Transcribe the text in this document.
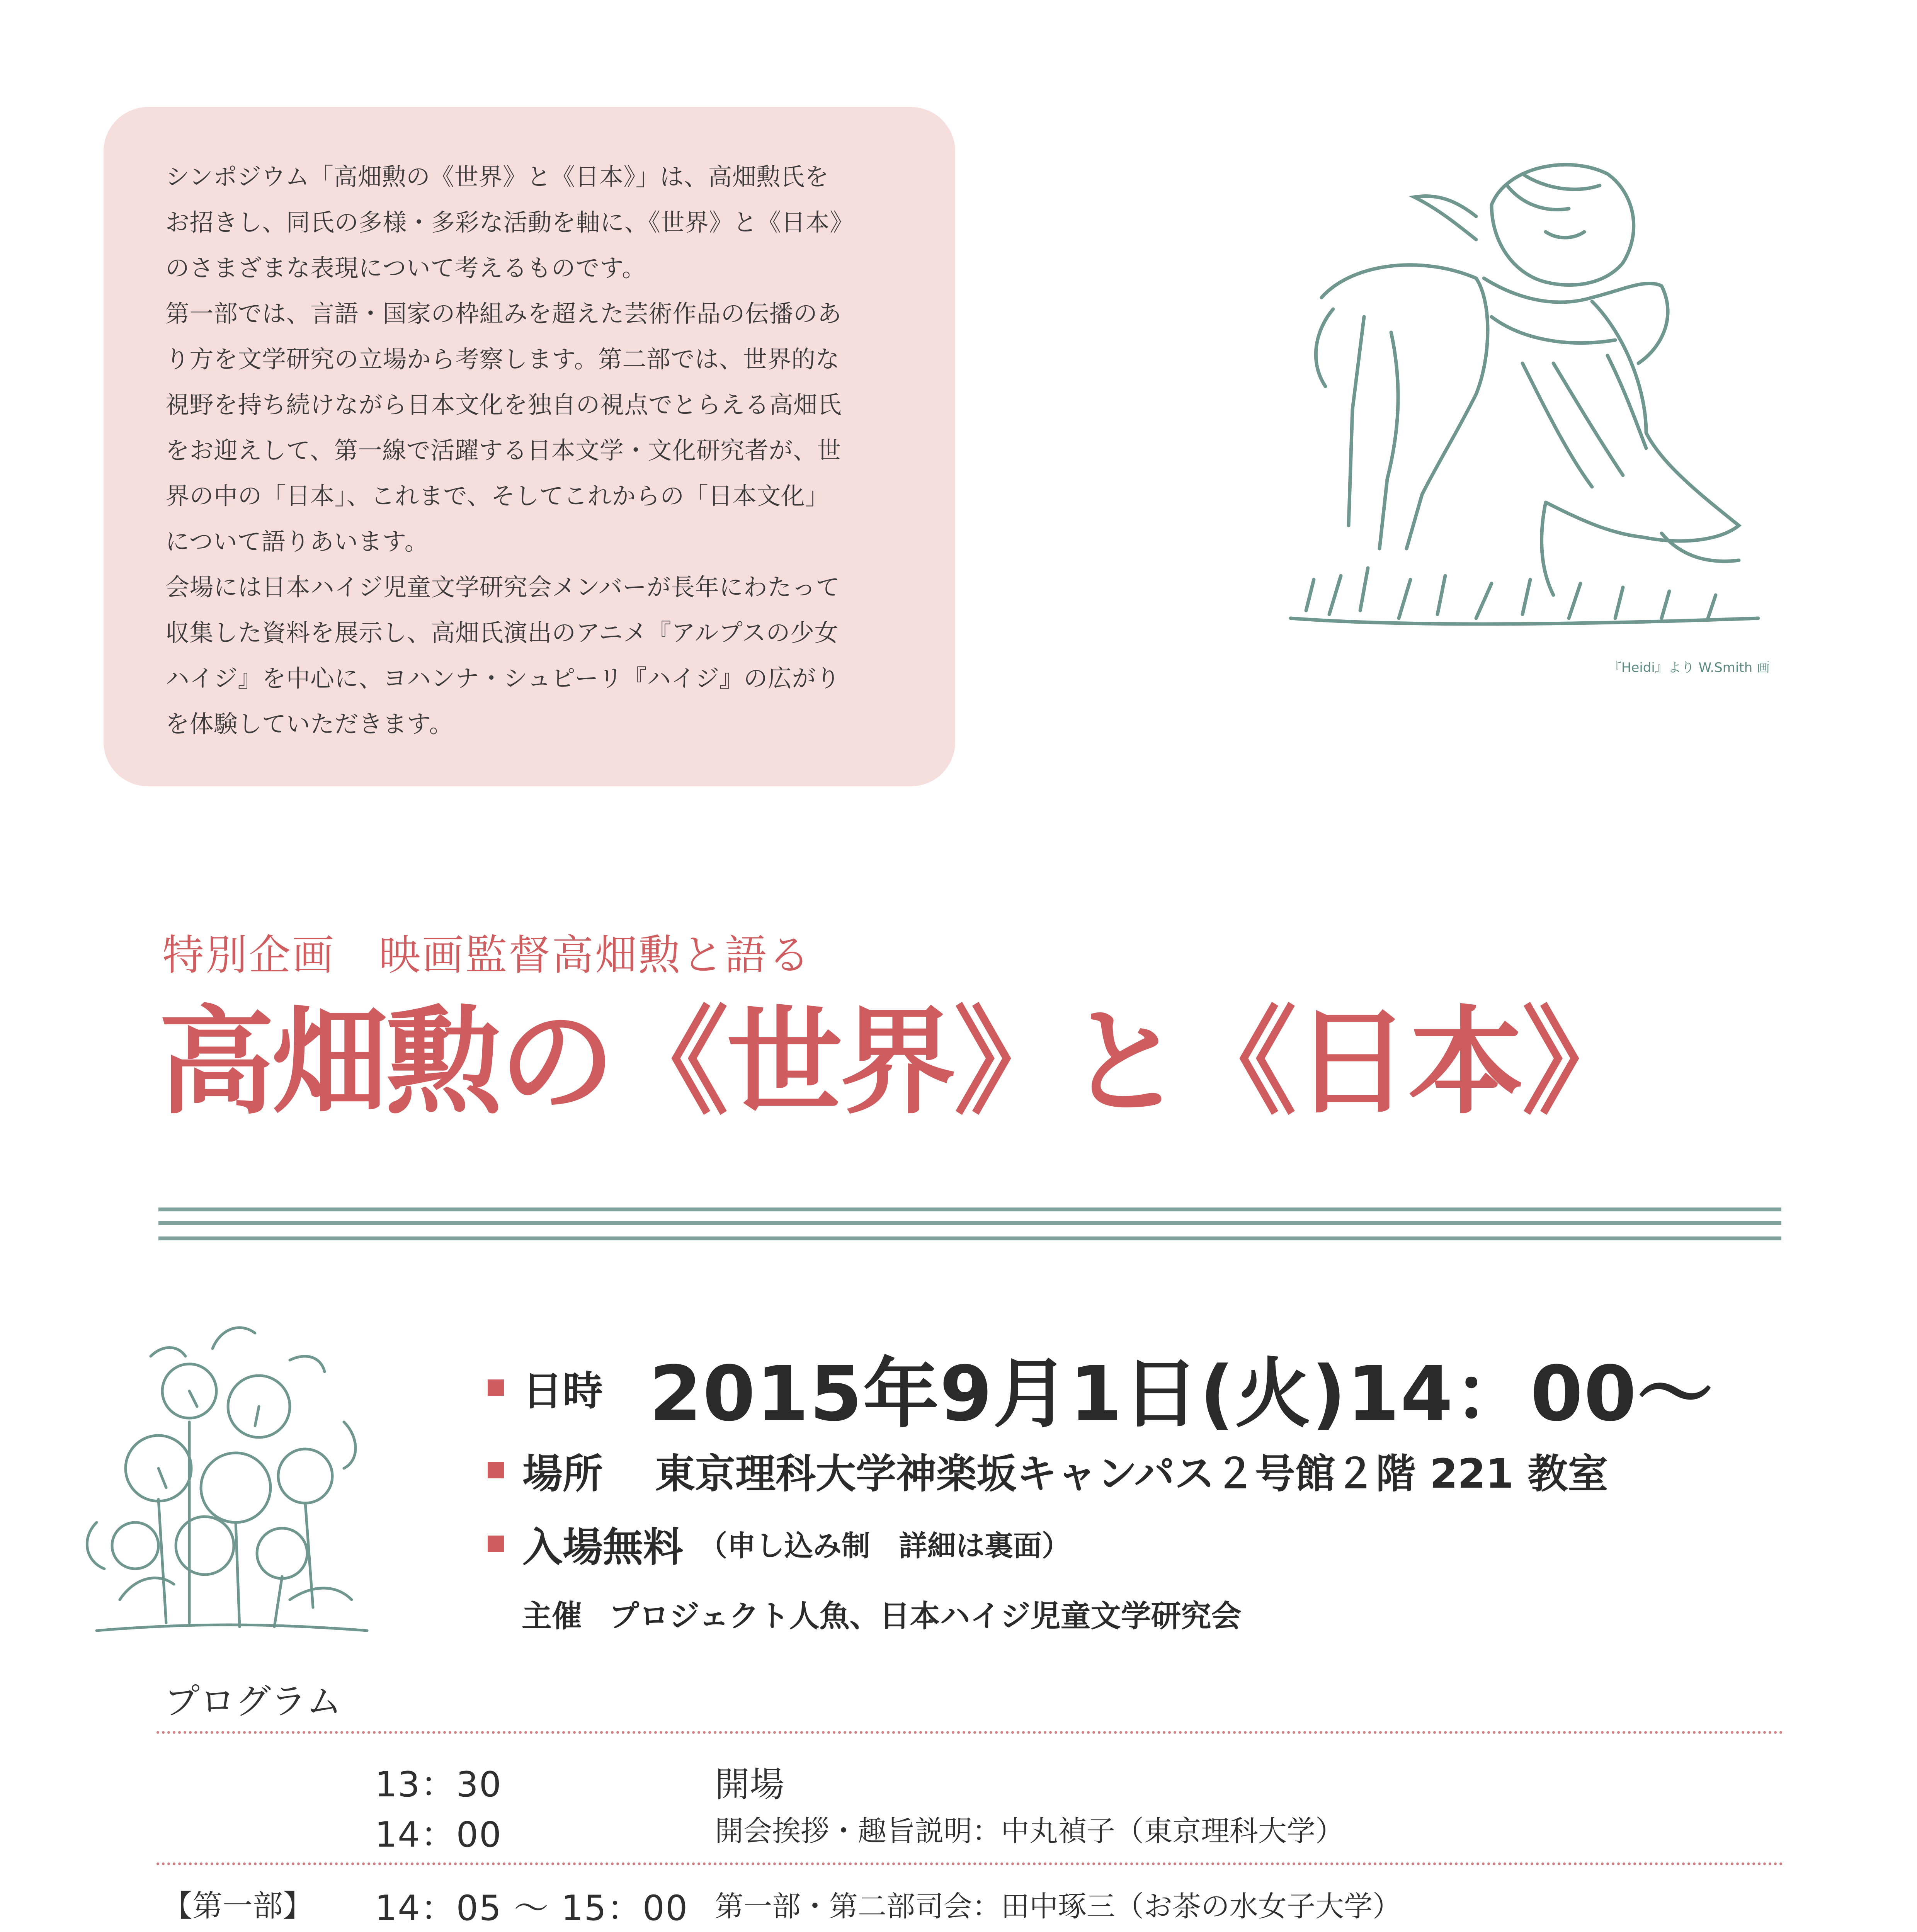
シンポジウム「高畑勲の《世界》と《日本》」は、高畑勲氏を

お招きし、同氏の多様・多彩な活動を軸に、《世界》と《日本》

のさまざまな表現について考えるものです。

第一部では、言語・国家の枠組みを超えた芸術作品の伝播のあ

り方を文学研究の立場から考察します。第二部では、世界的な

視野を持ち続けながら日本文化を独自の視点でとらえる高畑氏

をお迎えして、第一線で活躍する日本文学・文化研究者が、世

界の中の「日本」、これまで、そしてこれからの「日本文化」

について語りあいます。

会場には日本ハイジ児童文学研究会メンバーが長年にわたって

収集した資料を展示し、高畑氏演出のアニメ『アルプスの少女

ハイジ』を中心に、ヨハンナ・シュピーリ『ハイジ』の広がり

を体験していただきます。

『Heidi』より W.Smith 画
特別企画　映画監督高畑勲と語る
高畑勲の《世界》と《日本》
日時 2015年9月1日(火)14：00～
場所 東京理科大学神楽坂キャンパス２号館２階 221 教室
入場無料 （申し込み制　詳細は裏面）
主催 プロジェクト人魚、日本ハイジ児童文学研究会
プログラム
13：30	開場
14：00	開会挨拶・趣旨説明：中丸禎子（東京理科大学）
【第一部】 14：05 ～ 15：00 第一部・第二部司会：田中琢三（お茶の水女子大学）
